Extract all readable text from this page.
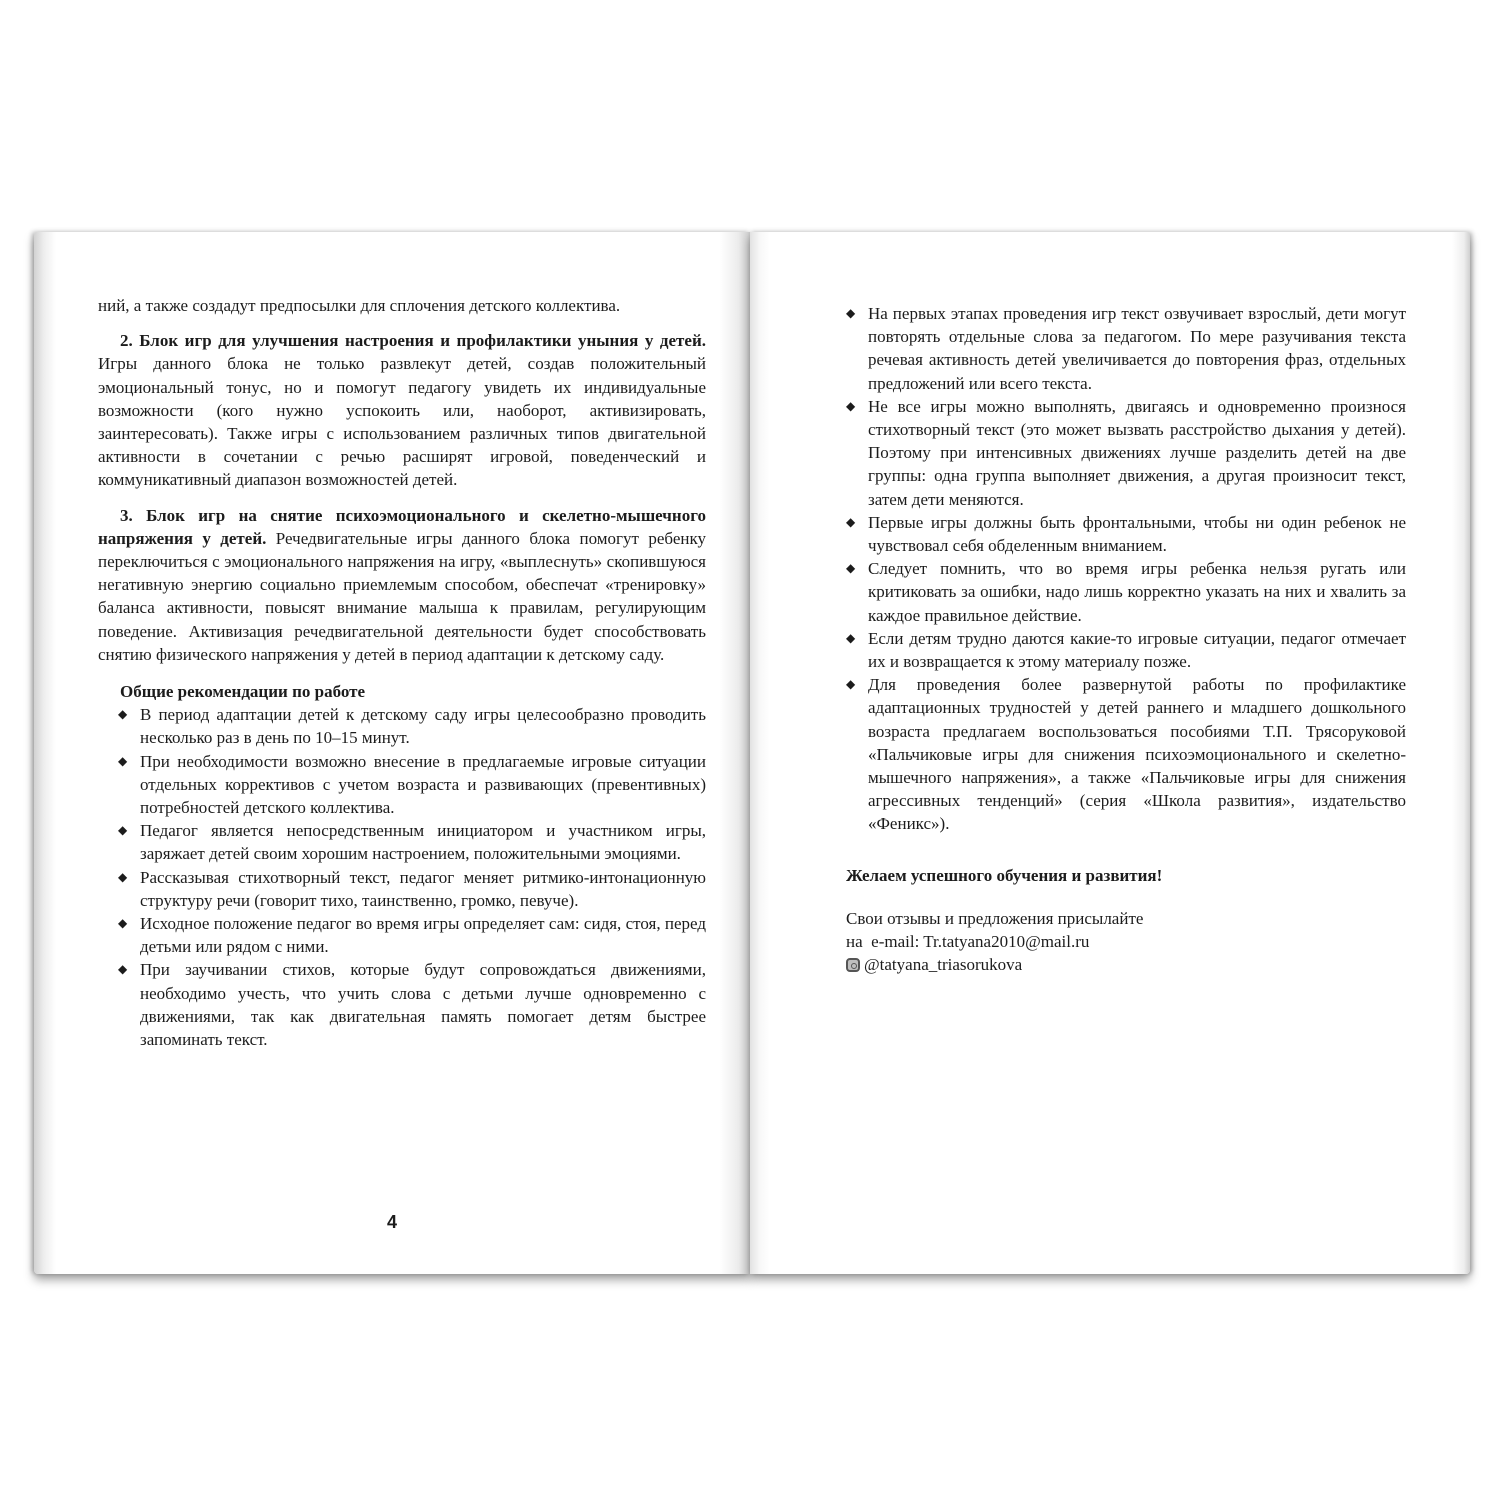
ний, а также создадут предпосылки для сплочения детского коллектива.

2. Блок игр для улучшения настроения и профилактики уныния у детей. Игры данного блока не только развлекут детей, создав положительный эмоциональный тонус, но и помогут педагогу увидеть их индивидуальные возможности (кого нужно успокоить или, наоборот, активизировать, заинтересовать). Также игры с использованием различных типов двигательной активности в сочетании с речью расширят игровой, поведенческий и коммуникативный диапазон возможностей детей.

3. Блок игр на снятие психоэмоционального и скелетно-мышечного напряжения у детей. Речедвигательные игры данного блока помогут ребенку переключиться с эмоционального напряжения на игру, «выплеснуть» скопившуюся негативную энергию социально приемлемым способом, обеспечат «тренировку» баланса активности, повысят внимание малыша к правилам, регулирующим поведение. Активизация речедвигательной деятельности будет способствовать снятию физического напряжения у детей в период адаптации к детскому саду.

Общие рекомендации по работе

◆ В период адаптации детей к детскому саду игры целесообразно проводить несколько раз в день по 10–15 минут.
◆ При необходимости возможно внесение в предлагаемые игровые ситуации отдельных коррективов с учетом возраста и развивающих (превентивных) потребностей детского коллектива.
◆ Педагог является непосредственным инициатором и участником игры, заряжает детей своим хорошим настроением, положительными эмоциями.
◆ Рассказывая стихотворный текст, педагог меняет ритмико-интонационную структуру речи (говорит тихо, таинственно, громко, певуче).
◆ Исходное положение педагог во время игры определяет сам: сидя, стоя, перед детьми или рядом с ними.
◆ При заучивании стихов, которые будут сопровождаться движениями, необходимо учесть, что учить слова с детьми лучше одновременно с движениями, так как двигательная память помогает детям быстрее запоминать текст.
4
◆ На первых этапах проведения игр текст озвучивает взрослый, дети могут повторять отдельные слова за педагогом. По мере разучивания текста речевая активность детей увеличивается до повторения фраз, отдельных предложений или всего текста.
◆ Не все игры можно выполнять, двигаясь и одновременно произнося стихотворный текст (это может вызвать расстройство дыхания у детей). Поэтому при интенсивных движениях лучше разделить детей на две группы: одна группа выполняет движения, а другая произносит текст, затем дети меняются.
◆ Первые игры должны быть фронтальными, чтобы ни один ребенок не чувствовал себя обделенным вниманием.
◆ Следует помнить, что во время игры ребенка нельзя ругать или критиковать за ошибки, надо лишь корректно указать на них и хвалить за каждое правильное действие.
◆ Если детям трудно даются какие-то игровые ситуации, педагог отмечает их и возвращается к этому материалу позже.
◆ Для проведения более развернутой работы по профилактике адаптационных трудностей у детей раннего и младшего дошкольного возраста предлагаем воспользоваться пособиями Т.П. Трясоруковой «Пальчиковые игры для снижения психоэмоционального и скелетно-мышечного напряжения», а также «Пальчиковые игры для снижения агрессивных тенденций» (серия «Школа развития», издательство «Феникс»).

Желаем успешного обучения и развития!

Свои отзывы и предложения присылайте
на  e-mail: Tr.tatyana2010@mail.ru
@tatyana_triasorukova
